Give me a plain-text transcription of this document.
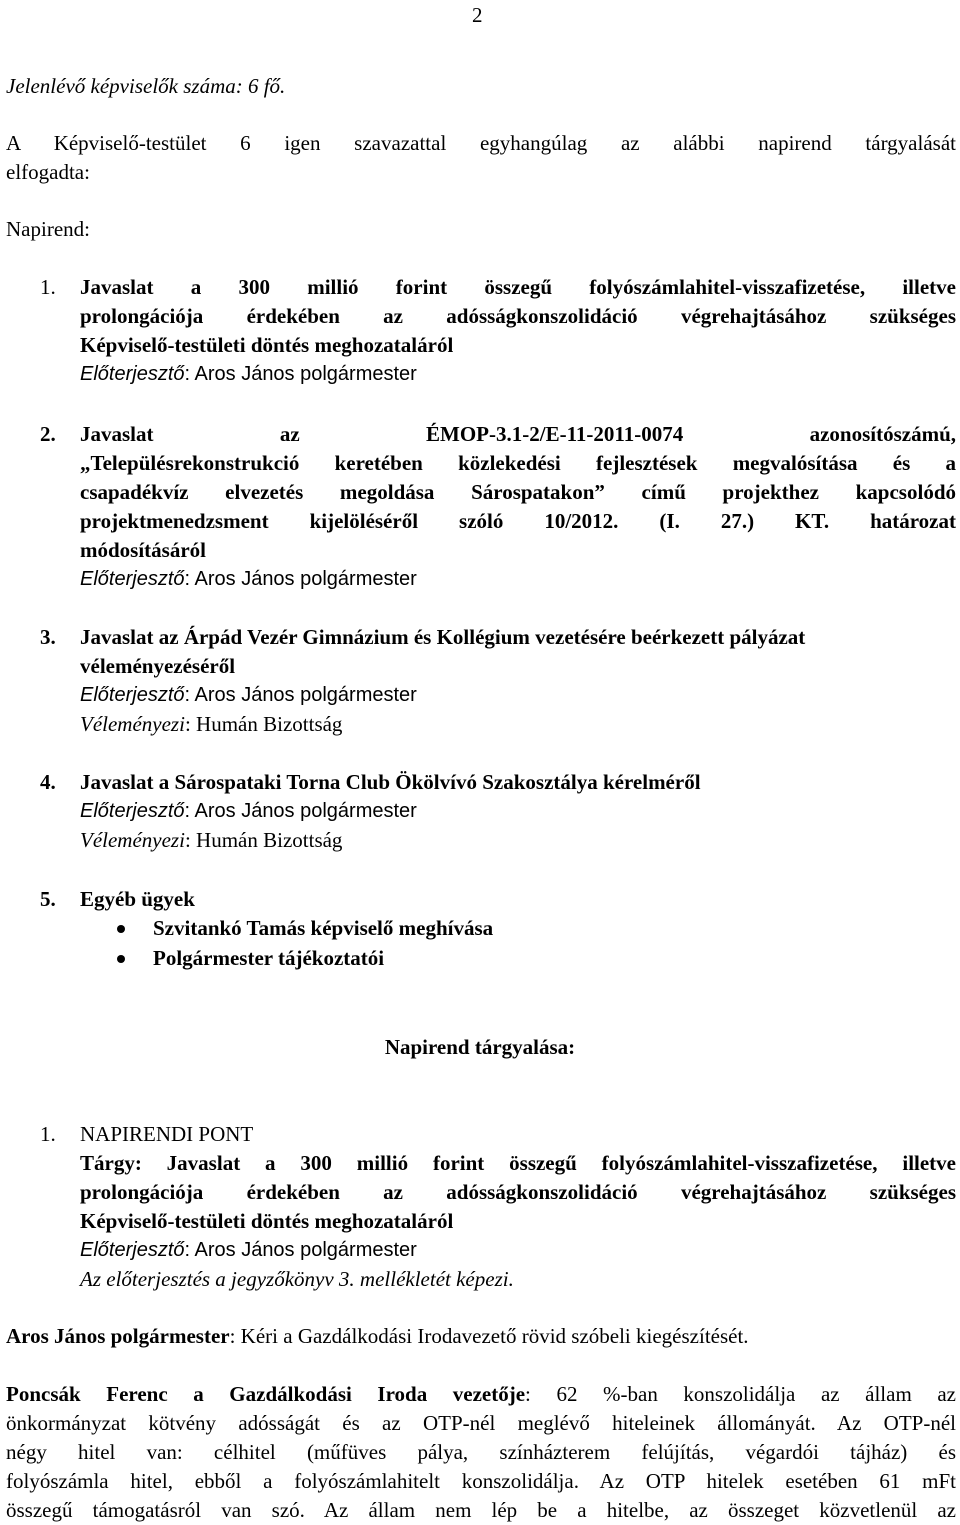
2
Jelenlévő képviselők száma: 6 fő.
A Képviselő-testület 6 igen szavazattal egyhangúlag az alábbi napirend tárgyalását
elfogadta:
Napirend:
1. Javaslat a 300 millió forint összegű folyószámlahitel-visszafizetése, illetve
prolongációja érdekében az adósságkonszolidáció végrehajtásához szükséges
Képviselő-testületi döntés meghozataláról
Előterjesztő: Aros János polgármester
2. Javaslat az ÉMOP-3.1-2/E-11-2011-0074 azonosítószámú,
„Településrekonstrukció keretében közlekedési fejlesztések megvalósítása és a
csapadékvíz elvezetés megoldása Sárospatakon” című projekthez kapcsolódó
projektmenedzsment kijelöléséről szóló 10/2012. (I. 27.) KT. határozat
módosításáról
Előterjesztő: Aros János polgármester
3. Javaslat az Árpád Vezér Gimnázium és Kollégium vezetésére beérkezett pályázat
véleményezéséről
Előterjesztő: Aros János polgármester
Véleményezi: Humán Bizottság
4. Javaslat a Sárospataki Torna Club Ökölvívó Szakosztálya kérelméről
Előterjesztő: Aros János polgármester
Véleményezi: Humán Bizottság
5. Egyéb ügyek
Szvitankó Tamás képviselő meghívása
Polgármester tájékoztatói
Napirend tárgyalása:
1. NAPIRENDI PONT
Tárgy: Javaslat a 300 millió forint összegű folyószámlahitel-visszafizetése, illetve
prolongációja érdekében az adósságkonszolidáció végrehajtásához szükséges
Képviselő-testületi döntés meghozataláról
Előterjesztő: Aros János polgármester
Az előterjesztés a jegyzőkönyv 3. mellékletét képezi.
Aros János polgármester: Kéri a Gazdálkodási Irodavezető rövid szóbeli kiegészítését.
Poncsák Ferenc a Gazdálkodási Iroda vezetője: 62 %-ban konszolidálja az állam az
önkormányzat kötvény adósságát és az OTP-nél meglévő hiteleinek állományát. Az OTP-nél
négy hitel van: célhitel (műfüves pálya, színházterem felújítás, végardói tájház) és
folyószámla hitel, ebből a folyószámlahitelt konszolidálja. Az OTP hitelek esetében 61 mFt
összegű támogatásról van szó. Az állam nem lép be a hitelbe, az összeget közvetlenül az
